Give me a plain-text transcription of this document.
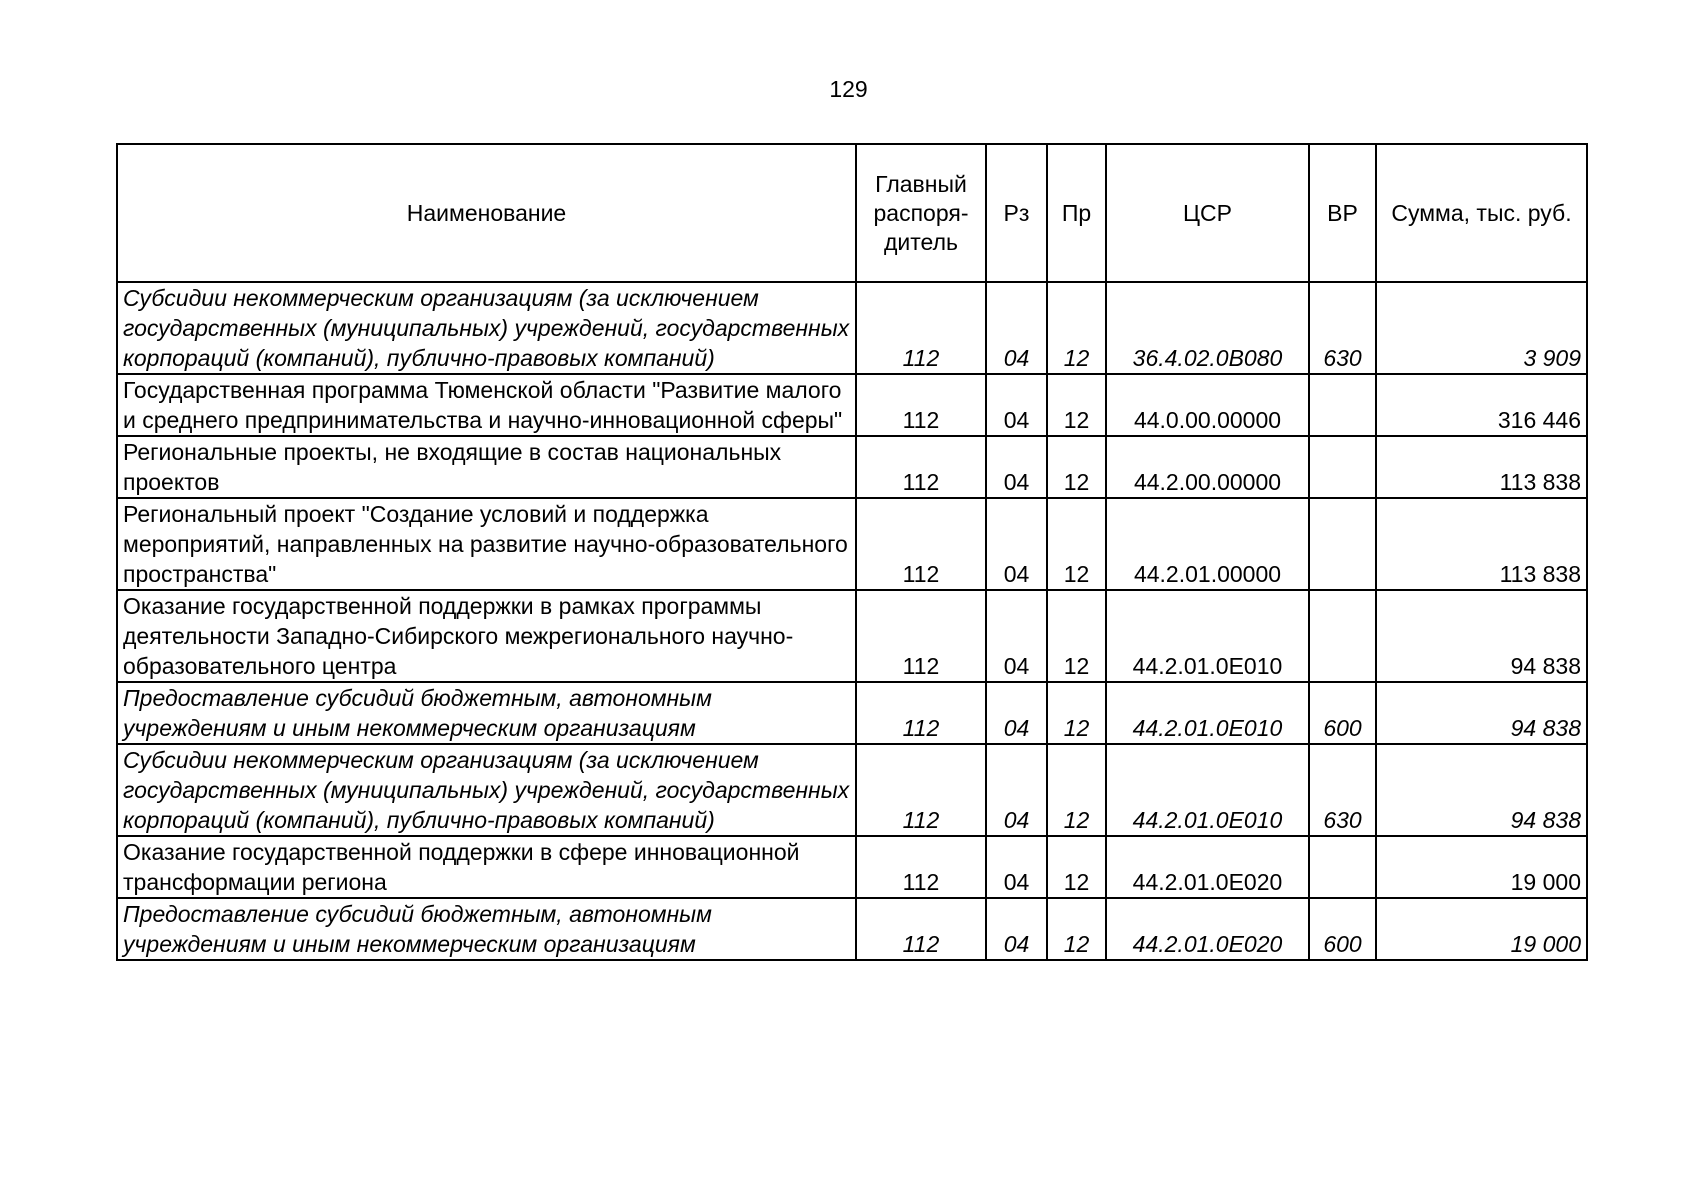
129
Наименование	Главный распоря-дитель	Рз	Пр	ЦСР	ВР	Сумма, тыс. руб.
Субсидии некоммерческим организациям (за исключением государственных (муниципальных) учреждений, государственных корпораций (компаний), публично-правовых компаний)	112	04	12	36.4.02.0В080	630	3 909
Государственная программа Тюменской области "Развитие малого и среднего предпринимательства и научно-инновационной сферы"	112	04	12	44.0.00.00000		316 446
Региональные проекты, не входящие в состав национальных проектов	112	04	12	44.2.00.00000		113 838
Региональный проект "Создание условий и поддержка мероприятий, направленных на развитие научно-образовательного пространства"	112	04	12	44.2.01.00000		113 838
Оказание государственной поддержки в рамках программы деятельности Западно-Сибирского межрегионального научно-образовательного центра	112	04	12	44.2.01.0Е010		94 838
Предоставление субсидий бюджетным, автономным учреждениям и иным некоммерческим организациям	112	04	12	44.2.01.0Е010	600	94 838
Субсидии некоммерческим организациям (за исключением государственных (муниципальных) учреждений, государственных корпораций (компаний), публично-правовых компаний)	112	04	12	44.2.01.0Е010	630	94 838
Оказание государственной поддержки в сфере инновационной трансформации региона	112	04	12	44.2.01.0Е020		19 000
Предоставление субсидий бюджетным, автономным учреждениям и иным некоммерческим организациям	112	04	12	44.2.01.0Е020	600	19 000
